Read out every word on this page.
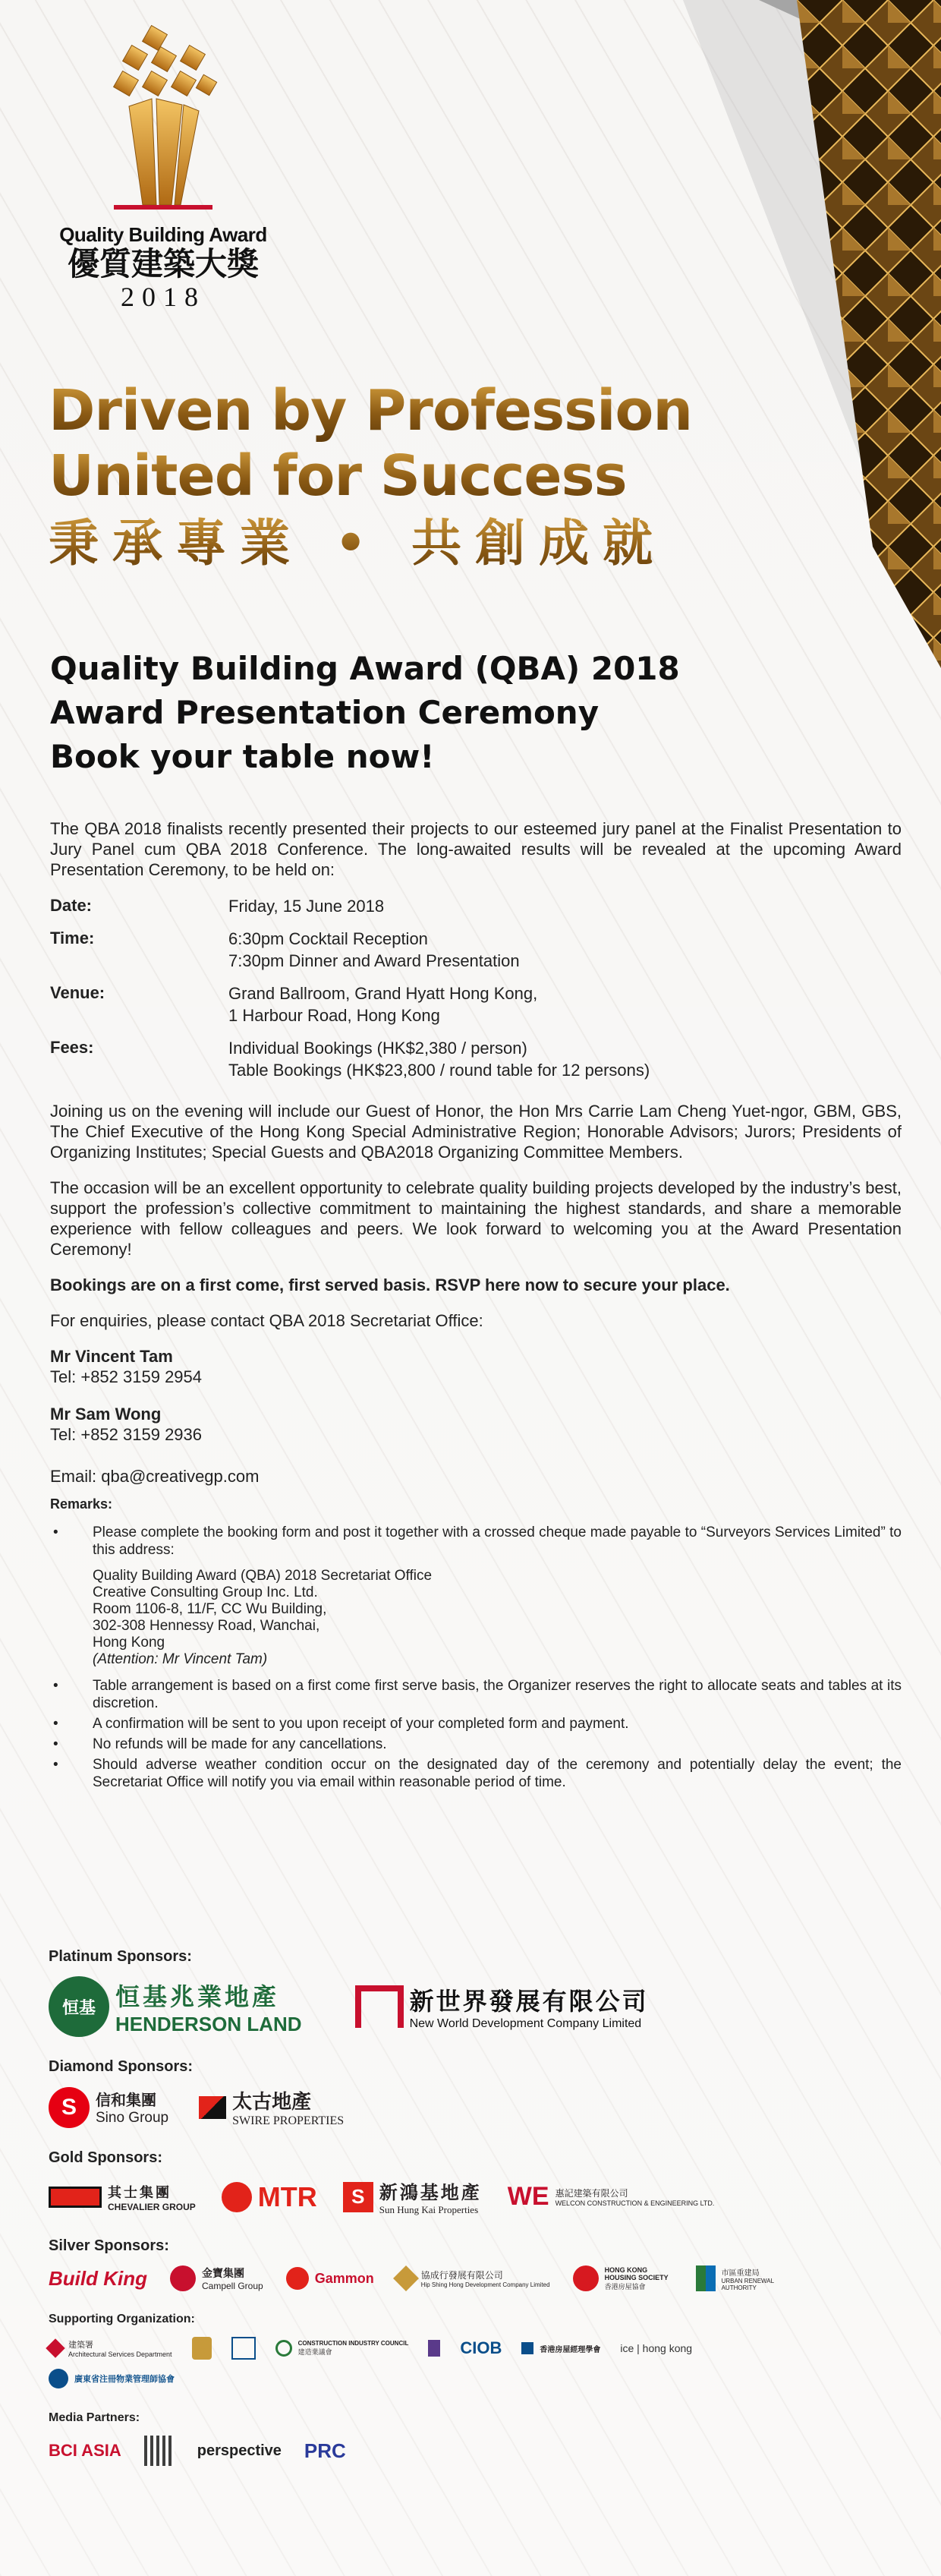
Quality Building Award
優質建築大獎
2018
Driven by Profession
United for Success
秉承專業 • 共創成就
Quality Building Award (QBA) 2018
Award Presentation Ceremony
Book your table now!

The QBA 2018 finalists recently presented their projects to our esteemed jury panel at the Finalist Presentation to Jury Panel cum QBA 2018 Conference. The long-awaited results will be revealed at the upcoming Award Presentation Ceremony, to be held on:

Date:	Friday, 15 June 2018
Time:	6:30pm Cocktail Reception
7:30pm Dinner and Award Presentation
Venue:	Grand Ballroom, Grand Hyatt Hong Kong,
1 Harbour Road, Hong Kong
Fees:	Individual Bookings (HK$2,380 / person)
Table Bookings (HK$23,800 / round table for 12 persons)

Joining us on the evening will include our Guest of Honor, the Hon Mrs Carrie Lam Cheng Yuet-ngor, GBM, GBS, The Chief Executive of the Hong Kong Special Administrative Region; Honorable Advisors; Jurors; Presidents of Organizing Institutes; Special Guests and QBA2018 Organizing Committee Members.

The occasion will be an excellent opportunity to celebrate quality building projects developed by the industry’s best, support the profession’s collective commitment to maintaining the highest standards, and share a memorable experience with fellow colleagues and peers. We look forward to welcoming you at the Award Presentation Ceremony!

Bookings are on a first come, first served basis. RSVP here now to secure your place.

For enquiries, please contact QBA 2018 Secretariat Office:

Mr Vincent Tam
Tel: +852 3159 2954
Mr Sam Wong
Tel: +852 3159 2936
Email: qba@creativegp.com
Remarks:
• Please complete the booking form and post it together with a crossed cheque made payable to “Surveyors Services Limited” to this address:
Quality Building Award (QBA) 2018 Secretariat Office
Creative Consulting Group Inc. Ltd.
Room 1106-8, 11/F, CC Wu Building,
302-308 Hennessy Road, Wanchai,
Hong Kong
(Attention: Mr Vincent Tam)
• Table arrangement is based on a first come first serve basis, the Organizer reserves the right to allocate seats and tables at its discretion.
• A confirmation will be sent to you upon receipt of your completed form and payment.
• No refunds will be made for any cancellations.
• Should adverse weather condition occur on the designated day of the ceremony and potentially delay the event; the Secretariat Office will notify you via email within reasonable period of time.
Platinum Sponsors:
恒基 恒基兆業地產
HENDERSON LAND
新世界發展有限公司
New World Development Company Limited
Diamond Sponsors:
S	信和集團
Sino Group
太古地產
SWIRE PROPERTIES
Gold Sponsors:
其士集團
CHEVALIER GROUP MTR	S 新鴻基地產
Sun Hung Kai Properties WE 惠記建築有限公司
WELCON CONSTRUCTION & ENGINEERING LTD.
Silver Sponsors:
Build King	金寶集團
Campell Group
Gammon	協成行發展有限公司
Hip Shing Hong Development Company Limited
HONG KONG HOUSING SOCIETY
香港房屋協會
市區重建局
URBAN RENEWAL AUTHORITY
Supporting Organization:
建築署
Architectural Services Department
CONSTRUCTION INDUSTRY COUNCIL
建造業議會	CIOB	香港房屋經理學會 ice | hong kong
廣東省注冊物業管理師協會
Media Partners:
BCI ASIA	perspective PRC
